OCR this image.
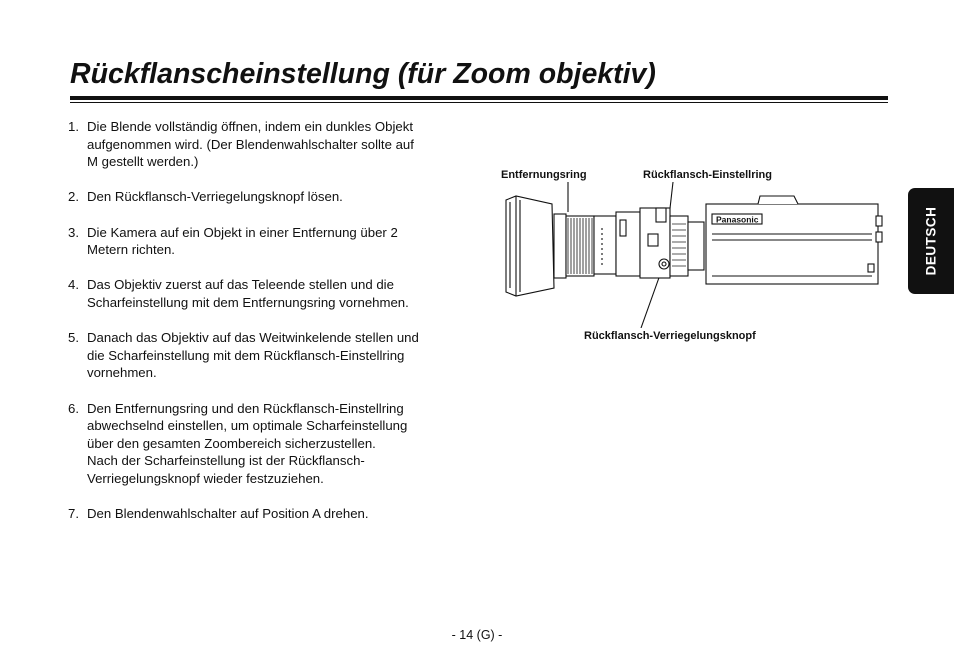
Rückflanscheinstellung (für Zoom objektiv)
1. Die Blende vollständig öffnen, indem ein dunkles Objekt
aufgenommen wird. (Der Blendenwahlschalter sollte auf
M gestellt werden.)
2. Den Rückflansch-Verriegelungsknopf lösen.
3. Die Kamera auf ein Objekt in einer Entfernung über 2
Metern richten.
4. Das Objektiv zuerst auf das Teleende stellen und die
Scharfeinstellung mit dem Entfernungsring vornehmen.
5. Danach das Objektiv auf das Weitwinkelende stellen und
die Scharfeinstellung mit dem Rückflansch-Einstellring
vornehmen.
6. Den Entfernungsring und den Rückflansch-Einstellring
abwechselnd einstellen, um optimale Scharfeinstellung
über den gesamten Zoombereich sicherzustellen.
Nach der Scharfeinstellung ist der Rückflansch-
Verriegelungsknopf wieder festzuziehen.
7. Den Blendenwahlschalter auf Position A drehen.
DEUTSCH
Entfernungsring	Rückflansch-Einstellring
Rückflansch-Verriegelungsknopf
Panasonic
- 14 (G) -
